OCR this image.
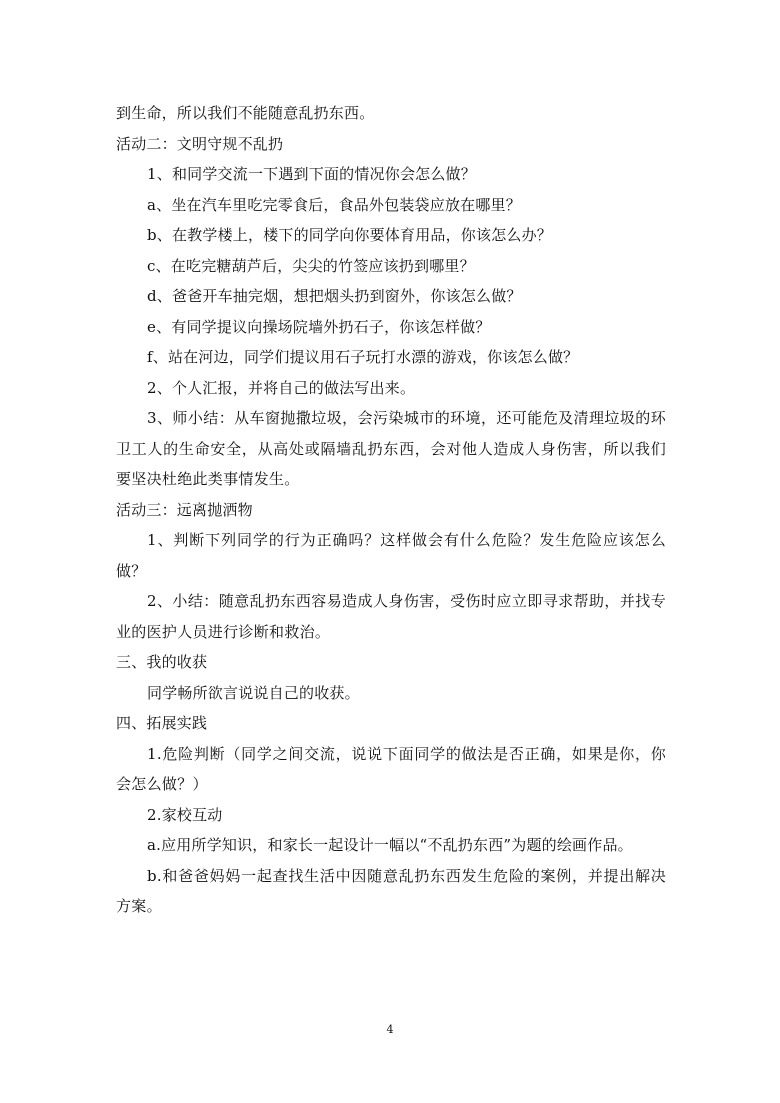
到生命，所以我们不能随意乱扔东西。

活动二：文明守规不乱扔

1、和同学交流一下遇到下面的情况你会怎么做？

a、坐在汽车里吃完零食后，食品外包装袋应放在哪里？

b、在教学楼上，楼下的同学向你要体育用品，你该怎么办？

c、在吃完糖葫芦后，尖尖的竹签应该扔到哪里？

d、爸爸开车抽完烟，想把烟头扔到窗外，你该怎么做？

e、有同学提议向操场院墙外扔石子，你该怎样做？

f、站在河边，同学们提议用石子玩打水漂的游戏，你该怎么做？

2、个人汇报，并将自己的做法写出来。

3、师小结：从车窗抛撒垃圾，会污染城市的环境，还可能危及清理垃圾的环卫工人的生命安全，从高处或隔墙乱扔东西，会对他人造成人身伤害，所以我们要坚决杜绝此类事情发生。

活动三：远离抛洒物

1、判断下列同学的行为正确吗？这样做会有什么危险？发生危险应该怎么做？

2、小结：随意乱扔东西容易造成人身伤害，受伤时应立即寻求帮助，并找专业的医护人员进行诊断和救治。

三、我的收获

同学畅所欲言说说自己的收获。

四、拓展实践

1.危险判断（同学之间交流，说说下面同学的做法是否正确，如果是你，你会怎么做？）

2.家校互动

a.应用所学知识，和家长一起设计一幅以“不乱扔东西”为题的绘画作品。

b.和爸爸妈妈一起查找生活中因随意乱扔东西发生危险的案例，并提出解决方案。

4
